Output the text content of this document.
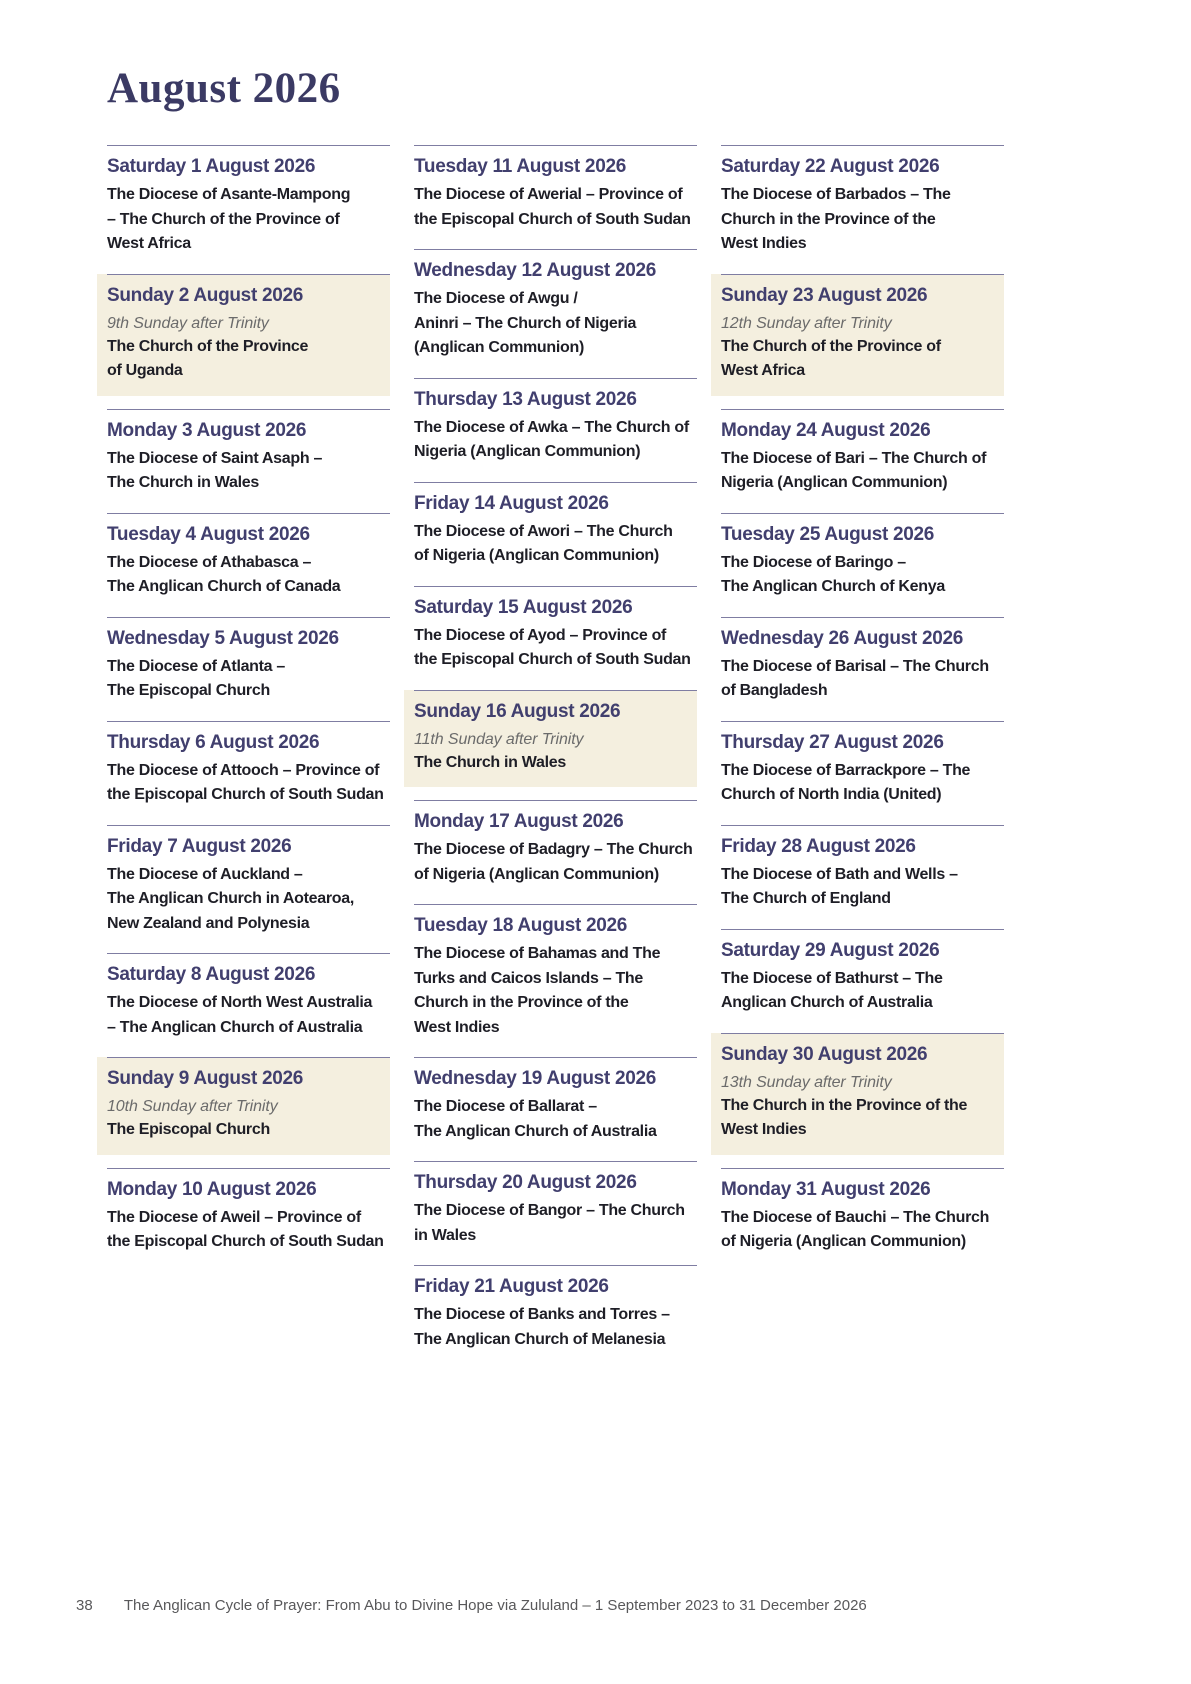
August 2026
Saturday 1 August 2026
The Diocese of Asante-Mampong
– The Church of the Province of
West Africa
Sunday 2 August 2026
9th Sunday after Trinity
The Church of the Province
of Uganda
Monday 3 August 2026
The Diocese of Saint Asaph –
The Church in Wales
Tuesday 4 August 2026
The Diocese of Athabasca –
The Anglican Church of Canada
Wednesday 5 August 2026
The Diocese of Atlanta –
The Episcopal Church
Thursday 6 August 2026
The Diocese of Attooch – Province of
the Episcopal Church of South Sudan
Friday 7 August 2026
The Diocese of Auckland –
The Anglican Church in Aotearoa,
New Zealand and Polynesia
Saturday 8 August 2026
The Diocese of North West Australia
– The Anglican Church of Australia
Sunday 9 August 2026
10th Sunday after Trinity
The Episcopal Church
Monday 10 August 2026
The Diocese of Aweil – Province of
the Episcopal Church of South Sudan
Tuesday 11 August 2026
The Diocese of Awerial – Province of
the Episcopal Church of South Sudan
Wednesday 12 August 2026
The Diocese of Awgu /
Aninri – The Church of Nigeria
(Anglican Communion)
Thursday 13 August 2026
The Diocese of Awka – The Church of
Nigeria (Anglican Communion)
Friday 14 August 2026
The Diocese of Awori – The Church
of Nigeria (Anglican Communion)
Saturday 15 August 2026
The Diocese of Ayod – Province of
the Episcopal Church of South Sudan
Sunday 16 August 2026
11th Sunday after Trinity
The Church in Wales
Monday 17 August 2026
The Diocese of Badagry – The Church
of Nigeria (Anglican Communion)
Tuesday 18 August 2026
The Diocese of Bahamas and The
Turks and Caicos Islands – The
Church in the Province of the
West Indies
Wednesday 19 August 2026
The Diocese of Ballarat –
The Anglican Church of Australia
Thursday 20 August 2026
The Diocese of Bangor – The Church
in Wales
Friday 21 August 2026
The Diocese of Banks and Torres –
The Anglican Church of Melanesia
Saturday 22 August 2026
The Diocese of Barbados – The
Church in the Province of the
West Indies
Sunday 23 August 2026
12th Sunday after Trinity
The Church of the Province of
West Africa
Monday 24 August 2026
The Diocese of Bari – The Church of
Nigeria (Anglican Communion)
Tuesday 25 August 2026
The Diocese of Baringo –
The Anglican Church of Kenya
Wednesday 26 August 2026
The Diocese of Barisal – The Church
of Bangladesh
Thursday 27 August 2026
The Diocese of Barrackpore – The
Church of North India (United)
Friday 28 August 2026
The Diocese of Bath and Wells –
The Church of England
Saturday 29 August 2026
The Diocese of Bathurst – The
Anglican Church of Australia
Sunday 30 August 2026
13th Sunday after Trinity
The Church in the Province of the
West Indies
Monday 31 August 2026
The Diocese of Bauchi – The Church
of Nigeria (Anglican Communion)
38 The Anglican Cycle of Prayer: From Abu to Divine Hope via Zululand – 1 September 2023 to 31 December 2026
